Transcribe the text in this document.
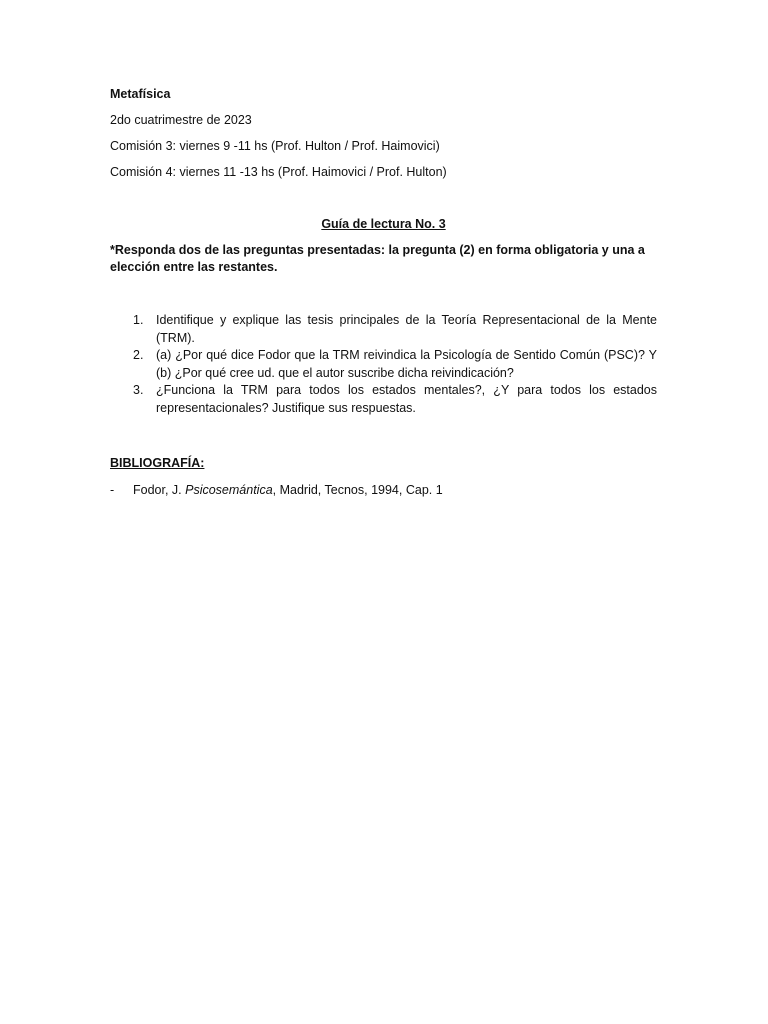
Metafísica
2do cuatrimestre de 2023
Comisión 3: viernes 9 -11 hs (Prof. Hulton / Prof. Haimovici)
Comisión 4: viernes 11 -13 hs (Prof. Haimovici / Prof. Hulton)
Guía de lectura No. 3
*Responda dos de las preguntas presentadas: la pregunta (2) en forma obligatoria y una a elección entre las restantes.
1. Identifique y explique las tesis principales de la Teoría Representacional de la Mente (TRM).
2. (a) ¿Por qué dice Fodor que la TRM reivindica la Psicología de Sentido Común (PSC)? Y (b) ¿Por qué cree ud. que el autor suscribe dicha reivindicación?
3. ¿Funciona la TRM para todos los estados mentales?, ¿Y para todos los estados representacionales? Justifique sus respuestas.
BIBLIOGRAFÍA:
- Fodor, J. Psicosemántica, Madrid, Tecnos, 1994, Cap. 1
